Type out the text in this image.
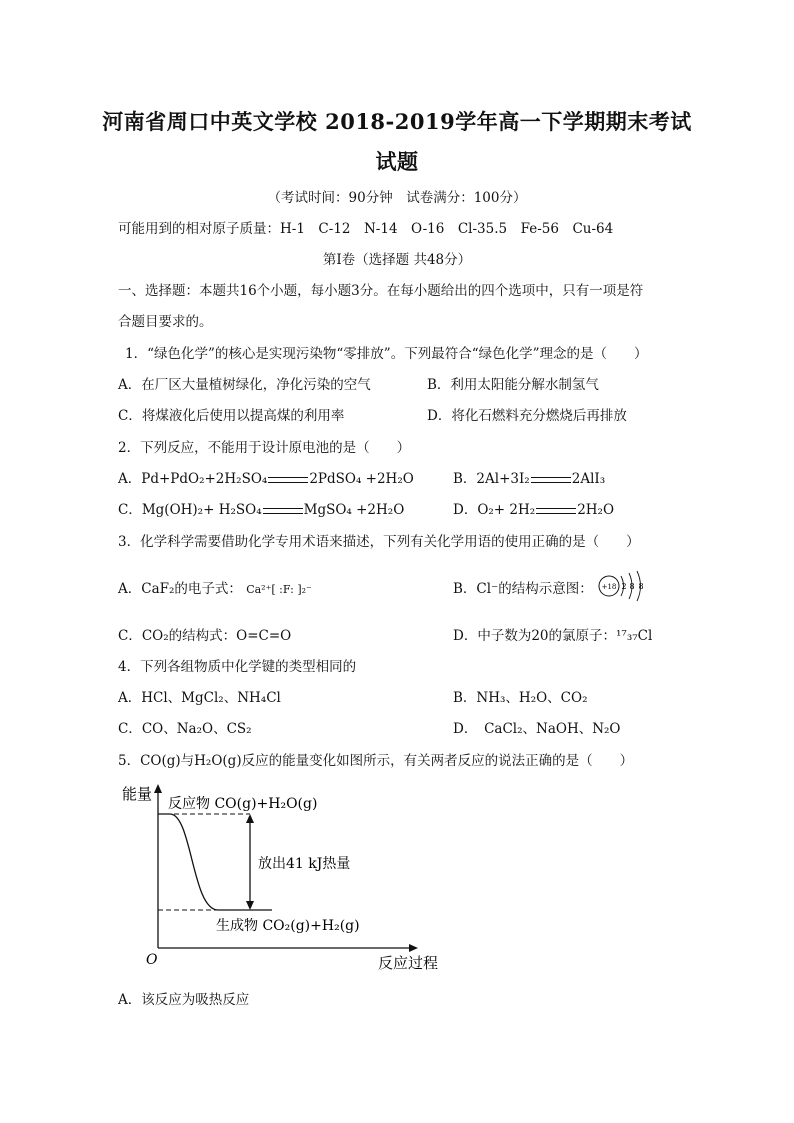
河南省周口中英文学校 2018-2019学年高一下学期期末考试
试题
（考试时间：90分钟　试卷满分：100分）
可能用到的相对原子质量：H-1　C-12　N-14　O-16　Cl-35.5　Fe-56　Cu-64
第Ⅰ卷（选择题 共48分）
一、选择题：本题共16个小题，每小题3分。在每小题给出的四个选项中，只有一项是符
合题目要求的。
1．“绿色化学”的核心是实现污染物“零排放”。下列最符合“绿色化学”理念的是（　　）
A．在厂区大量植树绿化，净化污染的空气	B．利用太阳能分解水制氢气
C．将煤液化后使用以提高煤的利用率	D．将化石燃料充分燃烧后再排放
2．下列反应，不能用于设计原电池的是（　　）
A．Pd+PdO₂+2H₂SO₄	2PdSO₄ +2H₂O	B．2Al+3I₂	2AlI₃
C．Mg(OH)₂+ H₂SO₄	MgSO₄ +2H₂O	D．O₂+ 2H₂	2H₂O
3．化学科学需要借助化学专用术语来描述，下列有关化学用语的使用正确的是（　　）
A．CaF₂的电子式： Ca²⁺[ :F: ]₂⁻	B．Cl⁻的结构示意图： +18 2 8 8
C．CO₂的结构式：O=C=O	D．中子数为20的氯原子：¹⁷₃₇Cl
4．下列各组物质中化学键的类型相同的
A．HCl、MgCl₂、NH₄Cl	B．NH₃、H₂O、CO₂
C．CO、Na₂O、CS₂	D．　CaCl₂、NaOH、N₂O
5．CO(g)与H₂O(g)反应的能量变化如图所示，有关两者反应的说法正确的是（　　）
能量
反应过程
O
反应物 CO(g)+H₂O(g)
生成物 CO₂(g)+H₂(g)
放出41 kJ热量
A．该反应为吸热反应
